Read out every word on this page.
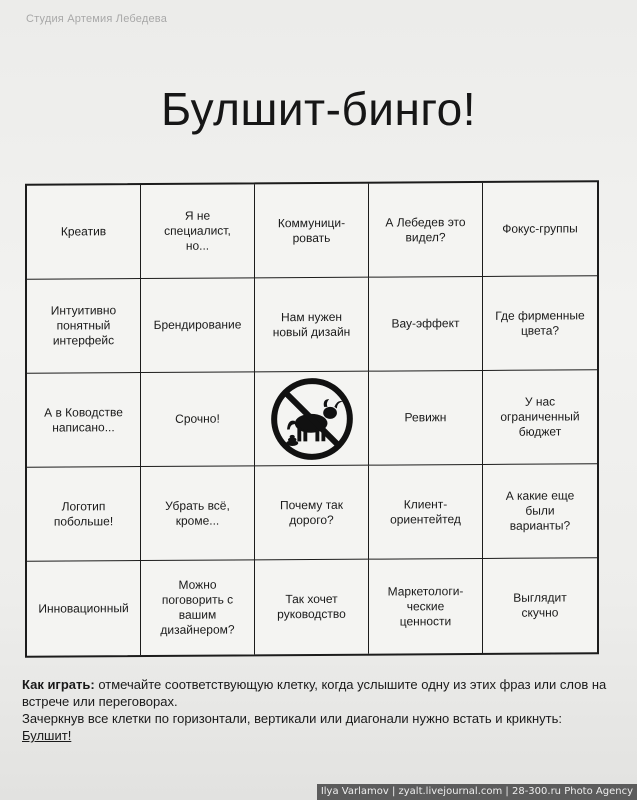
Студия Артемия Лебедева
Булшит-бинго!
Креатив
Я не
специалист,
но...
Коммуници-
ровать
А Лебедев это
видел?
Фокус-группы
Интуитивно
понятный
интерфейс
Брендирование
Нам нужен
новый дизайн
Вау-эффект
Где фирменные
цвета?
А в Ководстве
написано...
Срочно!	Ревижн
У нас
ограниченный
бюджет
Логотип
побольше!
Убрать всё,
кроме...
Почему так
дорого?
Клиент-
ориентейтед
А какие еще
были
варианты?
Инновационный
Можно
поговорить с
вашим
дизайнером?
Так хочет
руководство
Маркетологи-
ческие
ценности
Выглядит
скучно
Как играть: отмечайте соответствующую клетку, когда услышите одну из этих фраз или слов на встрече или переговорах.
Зачеркнув все клетки по горизонтали, вертикали или диагонали нужно встать и крикнуть: Булшит!
Ilya Varlamov | zyalt.livejournal.com | 28-300.ru Photo Agency
